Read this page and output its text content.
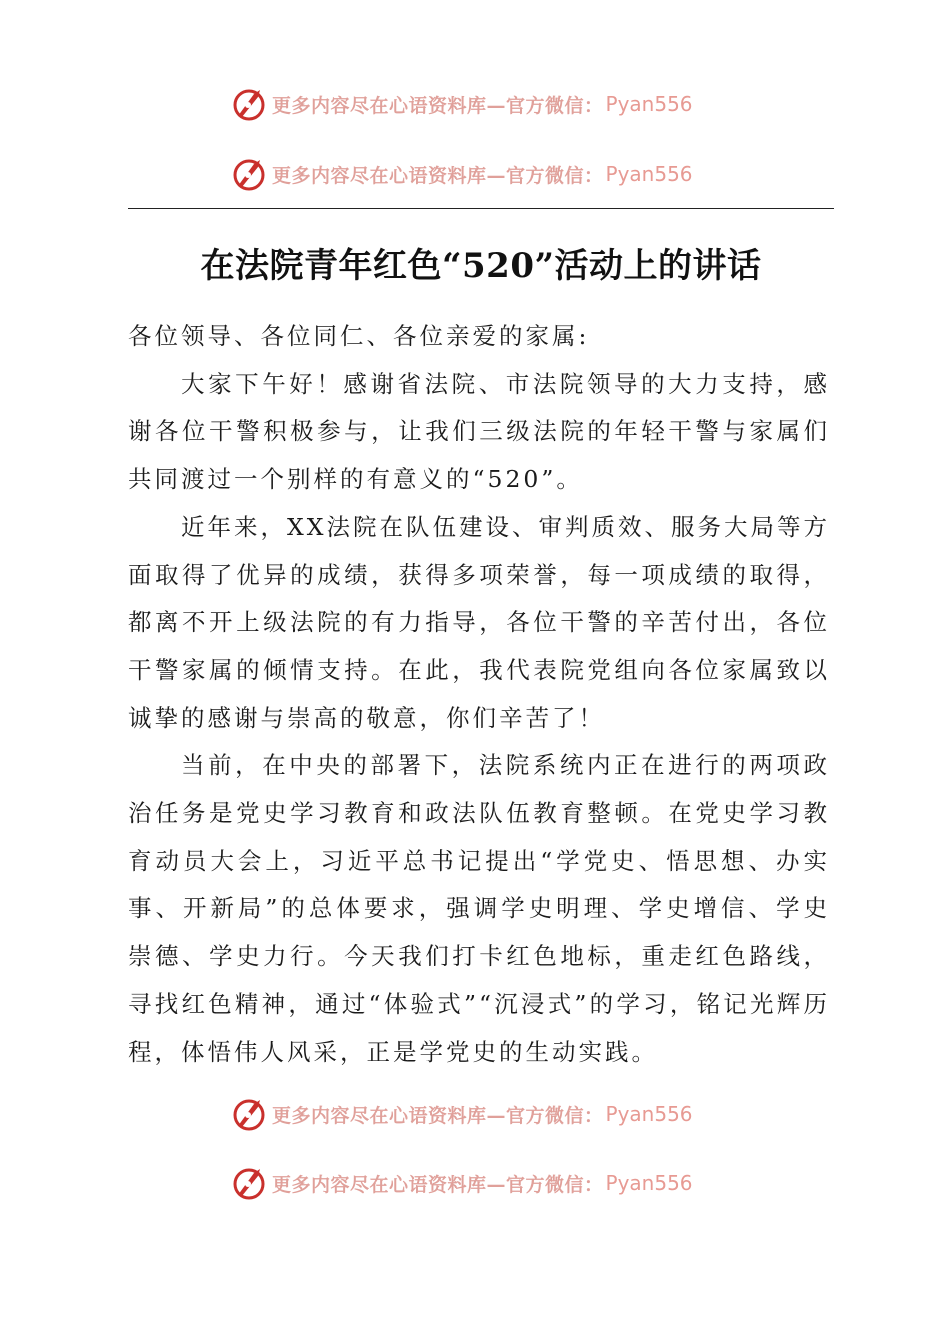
更多内容尽在心语资料库—官方微信： Pyan556
更多内容尽在心语资料库—官方微信： Pyan556
在法院青年红色“520”活动上的讲话

各位领导、各位同仁、各位亲爱的家属:

大家下午好！感谢省法院、市法院领导的大力支持，感谢各位干警积极参与，让我们三级法院的年轻干警与家属们共同渡过一个别样的有意义的“520”。

近年来，XX法院在队伍建设、审判质效、服务大局等方面取得了优异的成绩，获得多项荣誉，每一项成绩的取得，都离不开上级法院的有力指导，各位干警的辛苦付出，各位干警家属的倾情支持。在此，我代表院党组向各位家属致以诚挚的感谢与崇高的敬意，你们辛苦了！

当前，在中央的部署下，法院系统内正在进行的两项政治任务是党史学习教育和政法队伍教育整顿。在党史学习教育动员大会上，习近平总书记提出“学党史、悟思想、办实事、开新局”的总体要求，强调学史明理、学史增信、学史崇德、学史力行。今天我们打卡红色地标，重走红色路线，寻找红色精神，通过“体验式”“沉浸式”的学习，铭记光辉历程，体悟伟人风采，正是学党史的生动实践。

更多内容尽在心语资料库—官方微信： Pyan556
更多内容尽在心语资料库—官方微信： Pyan556
